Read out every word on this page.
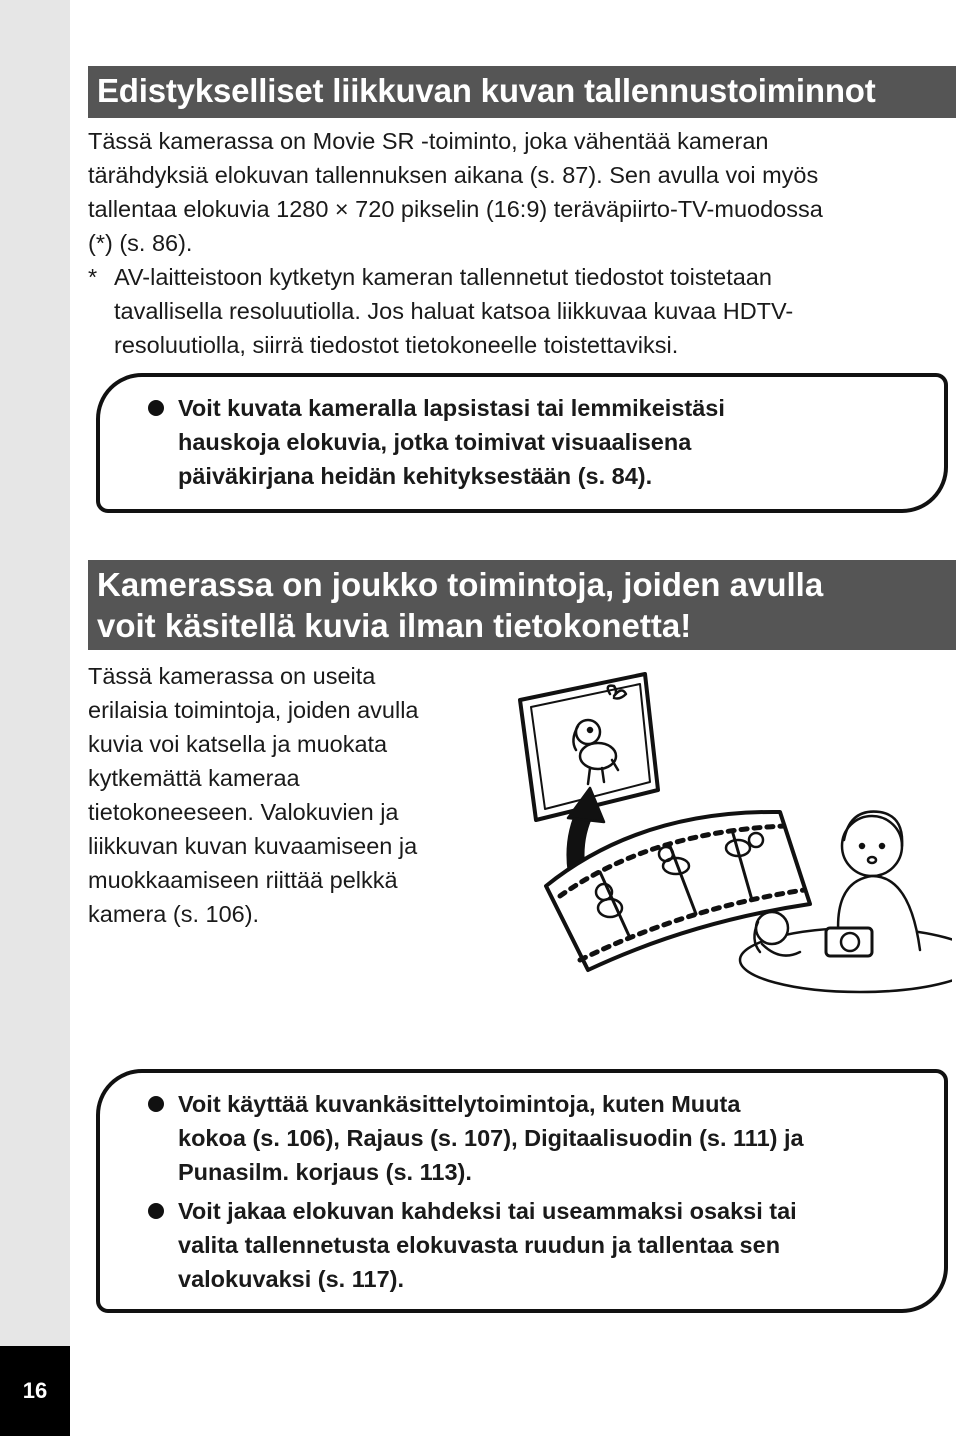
16
Edistykselliset liikkuvan kuvan tallennustoiminnot
Tässä kamerassa on Movie SR -toiminto, joka vähentää kameran
tärähdyksiä elokuvan tallennuksen aikana (s. 87). Sen avulla voi myös
tallentaa elokuvia 1280 × 720 pikselin (16:9) teräväpiirto-TV-muodossa
(*) (s. 86).
* AV-laitteistoon kytketyn kameran tallennetut tiedostot toistetaan
tavallisella resoluutiolla. Jos haluat katsoa liikkuvaa kuvaa HDTV-
resoluutiolla, siirrä tiedostot tietokoneelle toistettaviksi.
Voit kuvata kameralla lapsistasi tai lemmikeistäsi
hauskoja elokuvia, jotka toimivat visuaalisena
päiväkirjana heidän kehityksestään (s. 84).
Kamerassa on joukko toimintoja, joiden avulla
voit käsitellä kuvia ilman tietokonetta!
Tässä kamerassa on useita
erilaisia toimintoja, joiden avulla
kuvia voi katsella ja muokata
kytkemättä kameraa
tietokoneeseen. Valokuvien ja
liikkuvan kuvan kuvaamiseen ja
muokkaamiseen riittää pelkkä
kamera (s. 106).
Voit käyttää kuvankäsittelytoimintoja, kuten Muuta
kokoa (s. 106), Rajaus (s. 107), Digitaalisuodin (s. 111) ja
Punasilm. korjaus (s. 113).
Voit jakaa elokuvan kahdeksi tai useammaksi osaksi tai
valita tallennetusta elokuvasta ruudun ja tallentaa sen
valokuvaksi (s. 117).
